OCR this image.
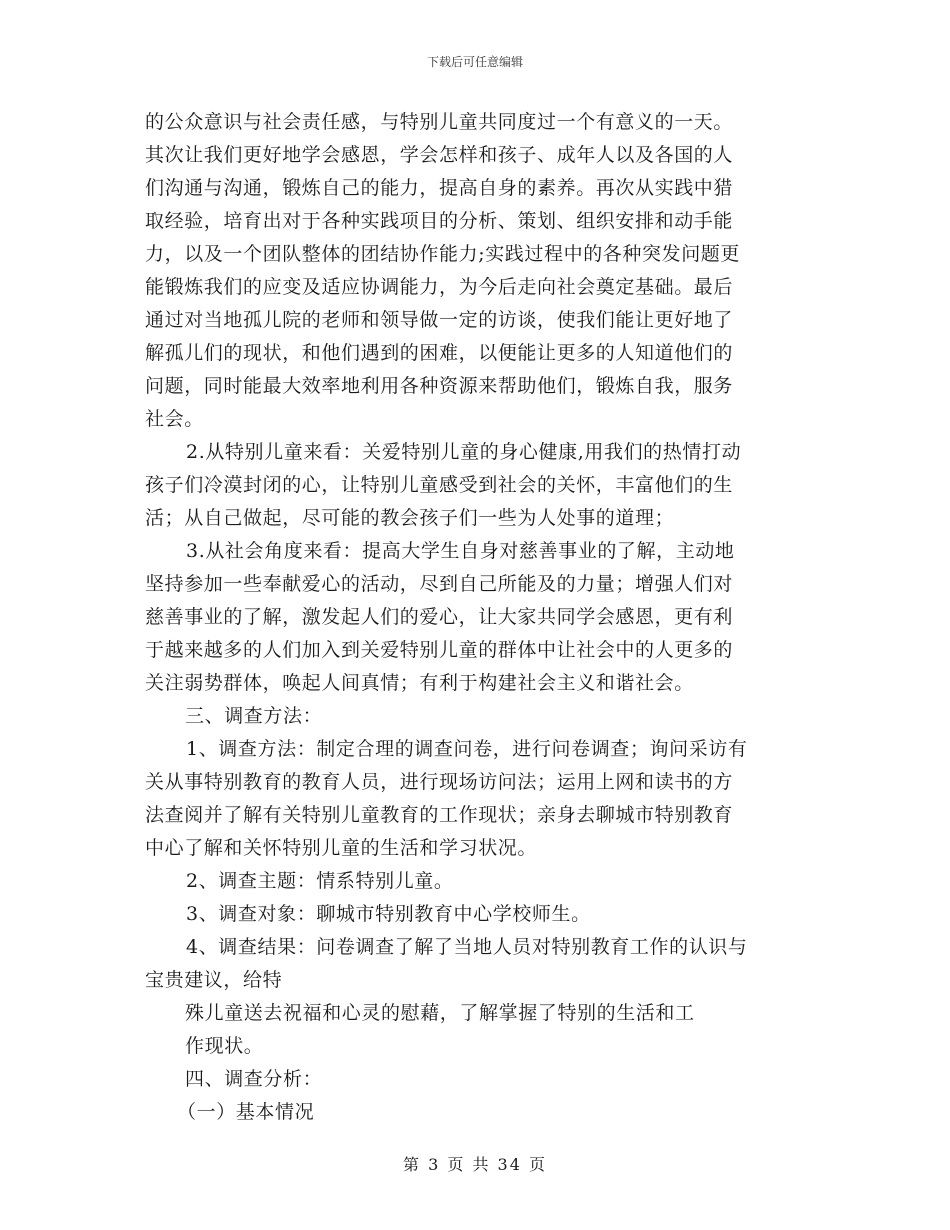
下载后可任意编辑
的公众意识与社会责任感，与特别儿童共同度过一个有意义的一天。
其次让我们更好地学会感恩，学会怎样和孩子、成年人以及各国的人
们沟通与沟通，锻炼自己的能力，提高自身的素养。再次从实践中猎
取经验，培育出对于各种实践项目的分析、策划、组织安排和动手能
力，以及一个团队整体的团结协作能力;实践过程中的各种突发问题更
能锻炼我们的应变及适应协调能力，为今后走向社会奠定基础。最后
通过对当地孤儿院的老师和领导做一定的访谈，使我们能让更好地了
解孤儿们的现状，和他们遇到的困难，以便能让更多的人知道他们的
问题，同时能最大效率地利用各种资源来帮助他们，锻炼自我，服务
社会。
2.从特别儿童来看：关爱特别儿童的身心健康,用我们的热情打动
孩子们冷漠封闭的心，让特别儿童感受到社会的关怀，丰富他们的生
活；从自己做起，尽可能的教会孩子们一些为人处事的道理；
3.从社会角度来看：提高大学生自身对慈善事业的了解，主动地
坚持参加一些奉献爱心的活动，尽到自己所能及的力量；增强人们对
慈善事业的了解，激发起人们的爱心，让大家共同学会感恩，更有利
于越来越多的人们加入到关爱特别儿童的群体中让社会中的人更多的
关注弱势群体，唤起人间真情；有利于构建社会主义和谐社会。
三、调查方法：
1、调查方法：制定合理的调查问卷，进行问卷调查；询问采访有
关从事特别教育的教育人员，进行现场访问法；运用上网和读书的方
法查阅并了解有关特别儿童教育的工作现状；亲身去聊城市特别教育
中心了解和关怀特别儿童的生活和学习状况。
2、调查主题：情系特别儿童。
3、调查对象：聊城市特别教育中心学校师生。
4、调查结果：问卷调查了解了当地人员对特别教育工作的认识与
宝贵建议，给特
殊儿童送去祝福和心灵的慰藉，了解掌握了特别的生活和工
作现状。
四、调查分析：
（一）基本情况
第 3 页 共 34 页
